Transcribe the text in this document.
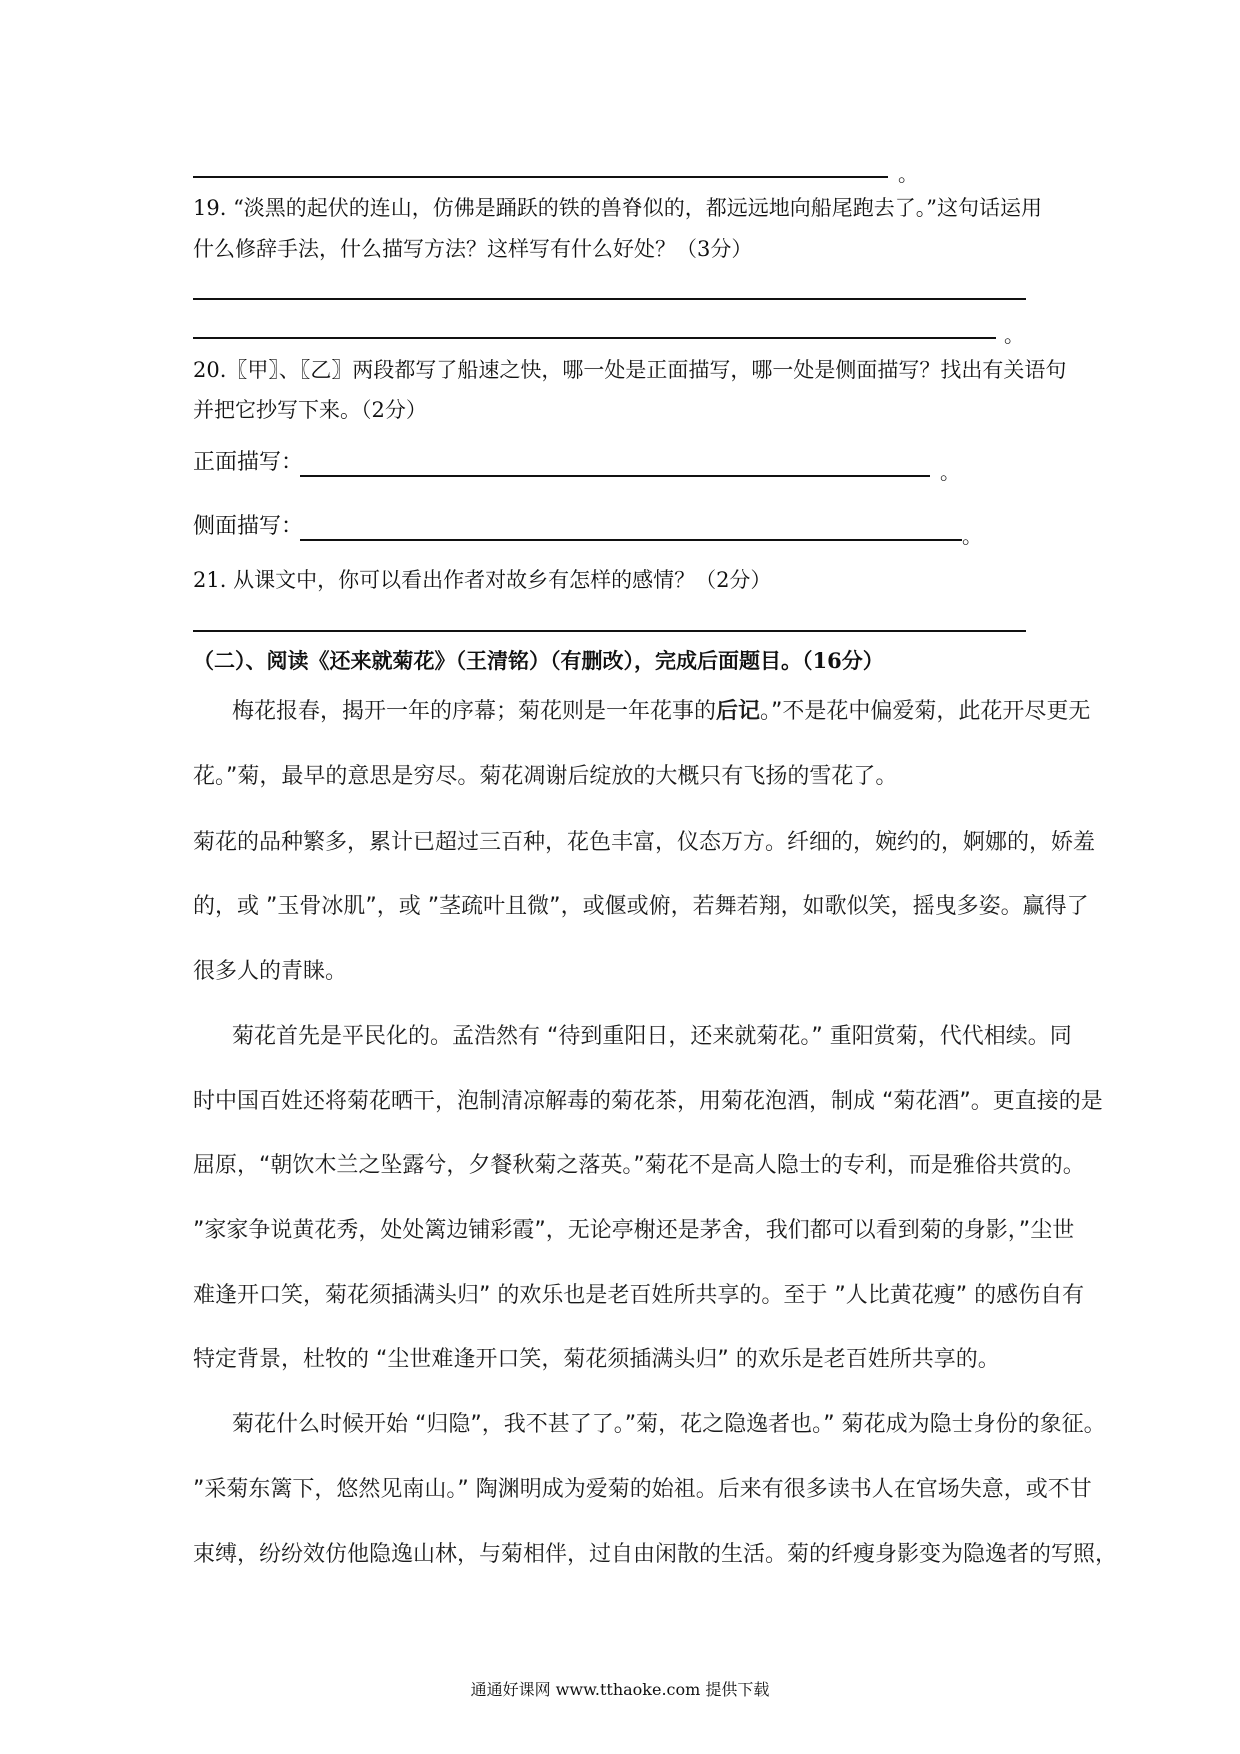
。
19. “淡黑的起伏的连山，仿佛是踊跃的铁的兽脊似的，都远远地向船尾跑去了。”这句话运用
什么修辞手法，什么描写方法？这样写有什么好处？（3分）
。
20.〖甲〗、〖乙〗两段都写了船速之快，哪一处是正面描写，哪一处是侧面描写？找出有关语句
并把它抄写下来。（2分）
正面描写：	。
侧面描写：	。
21. 从课文中，你可以看出作者对故乡有怎样的感情？（2分）
（二）、阅读《还来就菊花》（王清铭）（有删改），完成后面题目。（16分）
梅花报春，揭开一年的序幕；菊花则是一年花事的后记。”不是花中偏爱菊，此花开尽更无
花。”菊，最早的意思是穷尽。菊花凋谢后绽放的大概只有飞扬的雪花了。
菊花的品种繁多，累计已超过三百种，花色丰富，仪态万方。纤细的，婉约的，婀娜的，娇羞
的，或 ”玉骨冰肌”，或 ”茎疏叶且微”，或偃或俯，若舞若翔，如歌似笑，摇曳多姿。赢得了
很多人的青睐。
菊花首先是平民化的。孟浩然有 “待到重阳日，还来就菊花。” 重阳赏菊，代代相续。同
时中国百姓还将菊花晒干，泡制清凉解毒的菊花茶，用菊花泡酒，制成 “菊花酒”。更直接的是
屈原，“朝饮木兰之坠露兮，夕餐秋菊之落英。”菊花不是高人隐士的专利，而是雅俗共赏的。
”家家争说黄花秀，处处篱边铺彩霞”，无论亭榭还是茅舍，我们都可以看到菊的身影，”尘世
难逢开口笑，菊花须插满头归” 的欢乐也是老百姓所共享的。至于 ”人比黄花瘦” 的感伤自有
特定背景，杜牧的 “尘世难逢开口笑，菊花须插满头归” 的欢乐是老百姓所共享的。
菊花什么时候开始 “归隐”，我不甚了了。”菊，花之隐逸者也。” 菊花成为隐士身份的象征。
”采菊东篱下，悠然见南山。” 陶渊明成为爱菊的始祖。后来有很多读书人在官场失意，或不甘
束缚，纷纷效仿他隐逸山林，与菊相伴，过自由闲散的生活。菊的纤瘦身影变为隐逸者的写照，
通通好课网 www.tthaoke.com 提供下载
